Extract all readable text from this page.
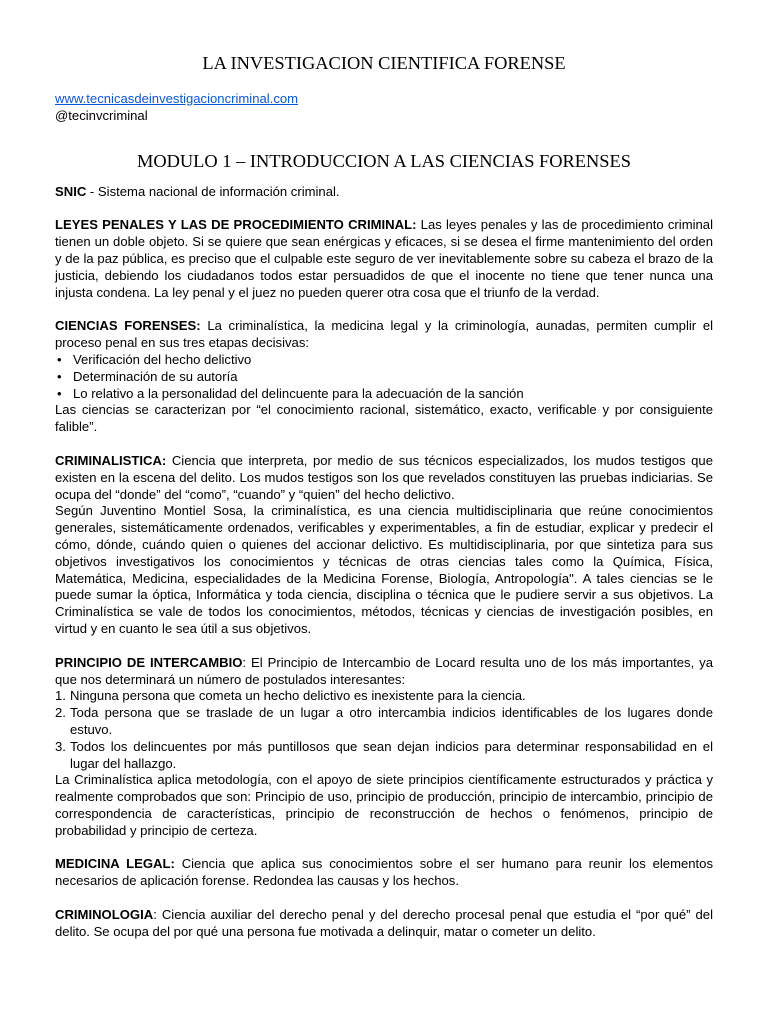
LA INVESTIGACION CIENTIFICA FORENSE
www.tecnicasdeinvestigacioncriminal.com
@tecinvcriminal
MODULO 1 – INTRODUCCION A LAS CIENCIAS FORENSES

SNIC - Sistema nacional de información criminal.

LEYES PENALES Y LAS DE PROCEDIMIENTO CRIMINAL: Las leyes penales y las de procedimiento criminal tienen un doble objeto. Si se quiere que sean enérgicas y eficaces, si se desea el firme mantenimiento del orden y de la paz pública, es preciso que el culpable este seguro de ver inevitablemente sobre su cabeza el brazo de la justicia, debiendo los ciudadanos todos estar persuadidos de que el inocente no tiene que tener nunca una injusta condena. La ley penal y el juez no pueden querer otra cosa que el triunfo de la verdad.

CIENCIAS FORENSES: La criminalística, la medicina legal y la criminología, aunadas, permiten cumplir el proceso penal en sus tres etapas decisivas:

• Verificación del hecho delictivo
• Determinación de su autoría
• Lo relativo a la personalidad del delincuente para la adecuación de la sanción

Las ciencias se caracterizan por “el conocimiento racional, sistemático, exacto, verificable y por consiguiente falible”.

CRIMINALISTICA: Ciencia que interpreta, por medio de sus técnicos especializados, los mudos testigos que existen en la escena del delito. Los mudos testigos son los que revelados constituyen las pruebas indiciarias. Se ocupa del “donde” del “como”, “cuando” y “quien” del hecho delictivo.

Según Juventino Montiel Sosa, la criminalística, es una ciencia multidisciplinaria que reúne conocimientos generales, sistemáticamente ordenados, verificables y experimentables, a fin de estudiar, explicar y predecir el cómo, dónde, cuándo quien o quienes del accionar delictivo. Es multidisciplinaria, por que sintetiza para sus objetivos investigativos los conocimientos y técnicas de otras ciencias tales como la Química, Física, Matemática, Medicina, especialidades de la Medicina Forense, Biología, Antropología". A tales ciencias se le puede sumar la óptica, Informática y toda ciencia, disciplina o técnica que le pudiere servir a sus objetivos. La Criminalística se vale de todos los conocimientos, métodos, técnicas y ciencias de investigación posibles, en virtud y en cuanto le sea útil a sus objetivos.

PRINCIPIO DE INTERCAMBIO: El Principio de Intercambio de Locard resulta uno de los más importantes, ya que nos determinará un número de postulados interesantes:

1. Ninguna persona que cometa un hecho delictivo es inexistente para la ciencia.
2. Toda persona que se traslade de un lugar a otro intercambia indicios identificables de los lugares donde estuvo.
3. Todos los delincuentes por más puntillosos que sean dejan indicios para determinar responsabilidad en el lugar del hallazgo.

La Criminalística aplica metodología, con el apoyo de siete principios científicamente estructurados y práctica y realmente comprobados que son: Principio de uso, principio de producción, principio de intercambio, principio de correspondencia de características, principio de reconstrucción de hechos o fenómenos, principio de probabilidad y principio de certeza.

MEDICINA LEGAL: Ciencia que aplica sus conocimientos sobre el ser humano para reunir los elementos necesarios de aplicación forense. Redondea las causas y los hechos.

CRIMINOLOGIA: Ciencia auxiliar del derecho penal y del derecho procesal penal que estudia el “por qué” del delito. Se ocupa del por qué una persona fue motivada a delinquir, matar o cometer un delito.
